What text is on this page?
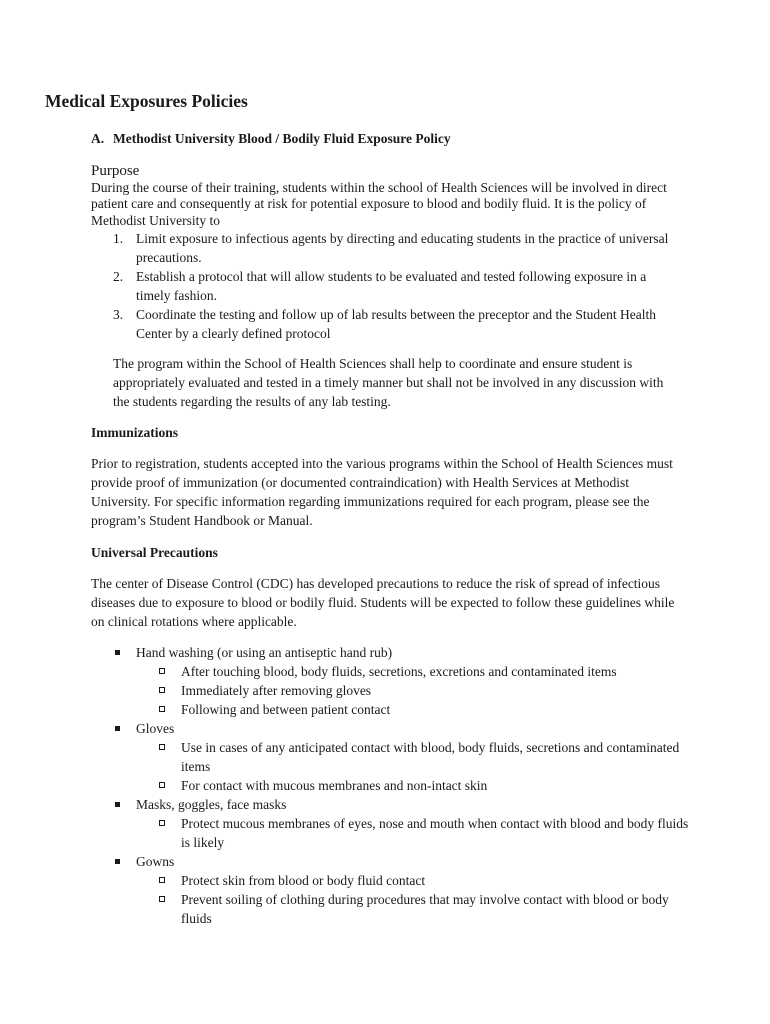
Medical Exposures Policies
A. Methodist University Blood / Bodily Fluid Exposure Policy
Purpose

During the course of their training, students within the school of Health Sciences will be involved in direct patient care and consequently at risk for potential exposure to blood and bodily fluid. It is the policy of Methodist University to

1. Limit exposure to infectious agents by directing and educating students in the practice of universal precautions.
2. Establish a protocol that will allow students to be evaluated and tested following exposure in a timely fashion.
3. Coordinate the testing and follow up of lab results between the preceptor and the Student Health Center by a clearly defined protocol

The program within the School of Health Sciences shall help to coordinate and ensure student is appropriately evaluated and tested in a timely manner but shall not be involved in any discussion with the students regarding the results of any lab testing.

Immunizations

Prior to registration, students accepted into the various programs within the School of Health Sciences must provide proof of immunization (or documented contraindication) with Health Services at Methodist University. For specific information regarding immunizations required for each program, please see the program’s Student Handbook or Manual.

Universal Precautions

The center of Disease Control (CDC) has developed precautions to reduce the risk of spread of infectious diseases due to exposure to blood or bodily fluid. Students will be expected to follow these guidelines while on clinical rotations where applicable.

Hand washing (or using an antiseptic hand rub)
After touching blood, body fluids, secretions, excretions and contaminated items
Immediately after removing gloves
Following and between patient contact
Gloves
Use in cases of any anticipated contact with blood, body fluids, secretions and contaminated items
For contact with mucous membranes and non-intact skin
Masks, goggles, face masks
Protect mucous membranes of eyes, nose and mouth when contact with blood and body fluids is likely
Gowns
Protect skin from blood or body fluid contact
Prevent soiling of clothing during procedures that may involve contact with blood or body fluids
